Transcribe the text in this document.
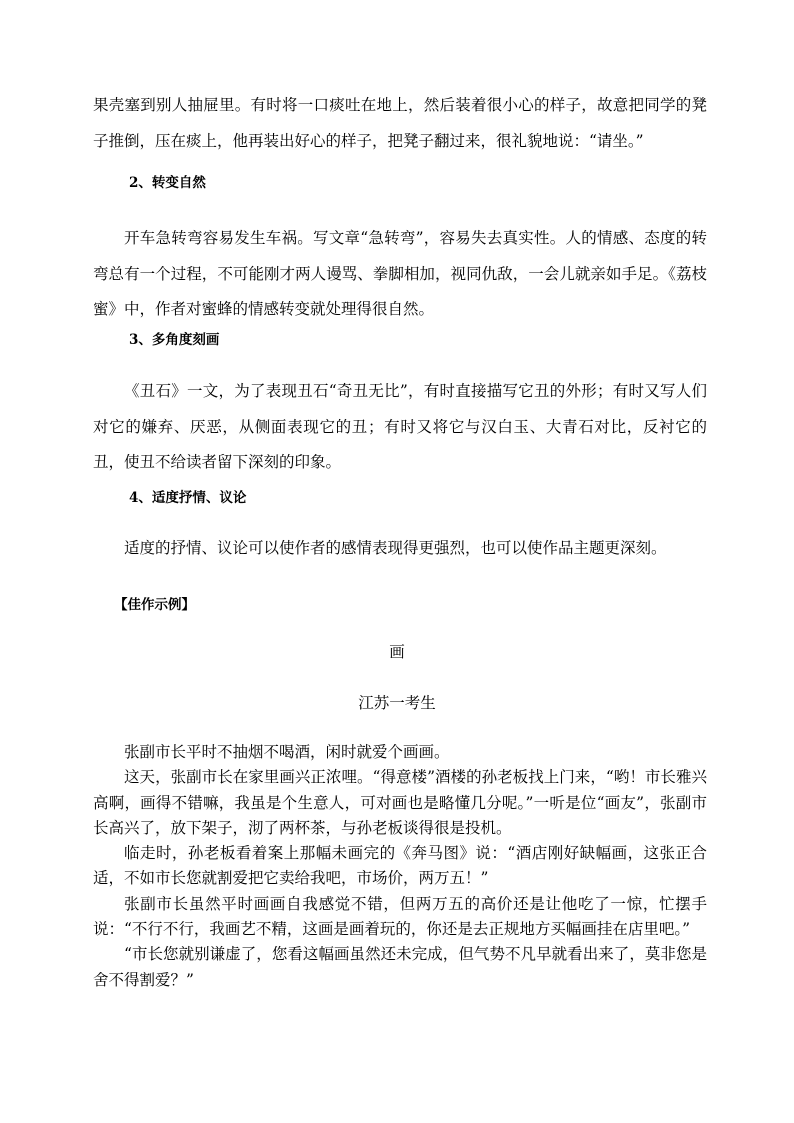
果壳塞到别人抽屉里。有时将一口痰吐在地上，然后装着很小心的样子，故意把同学的凳子推倒，压在痰上，他再装出好心的样子，把凳子翻过来，很礼貌地说：“请坐。”

2、转变自然

开车急转弯容易发生车祸。写文章“急转弯”，容易失去真实性。人的情感、态度的转弯总有一个过程，不可能刚才两人谩骂、拳脚相加，视同仇敌，一会儿就亲如手足。《荔枝蜜》中，作者对蜜蜂的情感转变就处理得很自然。

3、多角度刻画

《丑石》一文，为了表现丑石“奇丑无比”，有时直接描写它丑的外形；有时又写人们对它的嫌弃、厌恶，从侧面表现它的丑；有时又将它与汉白玉、大青石对比，反衬它的丑，使丑不给读者留下深刻的印象。

4、适度抒情、议论

适度的抒情、议论可以使作者的感情表现得更强烈，也可以使作品主题更深刻。

【佳作示例】

画

江苏一考生

张副市长平时不抽烟不喝酒，闲时就爱个画画。

这天，张副市长在家里画兴正浓哩。“得意楼”酒楼的孙老板找上门来，“哟！市长雅兴高啊，画得不错嘛，我虽是个生意人，可对画也是略懂几分呢。”一听是位“画友”，张副市长高兴了，放下架子，沏了两杯茶，与孙老板谈得很是投机。

临走时，孙老板看着案上那幅未画完的《奔马图》说：“酒店刚好缺幅画，这张正合适，不如市长您就割爱把它卖给我吧，市场价，两万五！”

张副市长虽然平时画画自我感觉不错，但两万五的高价还是让他吃了一惊，忙摆手说：“不行不行，我画艺不精，这画是画着玩的，你还是去正规地方买幅画挂在店里吧。”

“市长您就别谦虚了，您看这幅画虽然还未完成，但气势不凡早就看出来了，莫非您是舍不得割爱？”
